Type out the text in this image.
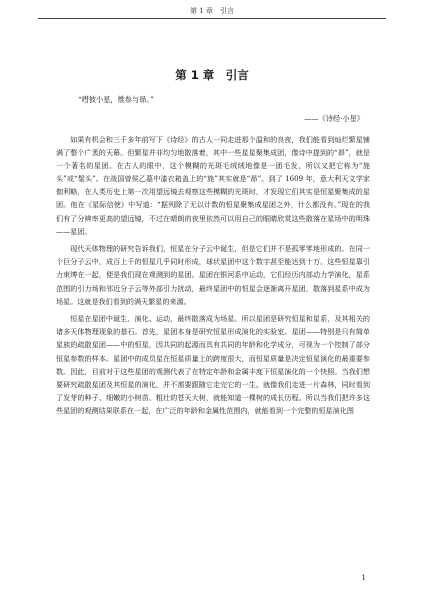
第 1 章　引言
第 1 章　引言
“嘒彼小星，维参与昴。”
——《诗经·小星》

如果有机会和三千多年前写下《诗经》的古人一同走进那个温和的良夜，我们能看到灿烂繁星铺满了整个广袤的天幕。但繁星并非均匀地散落着，其中一些星星聚集成团，像诗中提到的“昴”，就是一个著名的星团。在古人的眼中，这个模糊的光斑毛绒绒地像是一团毛发，所以又把它称为“旄头”或“髦头”。在战国曾侯乙墓中漆衣箱盖上的“旄”其实就是“昴”。到了 1609 年，意大利天文学家伽利略，在人类历史上第一次用望远镜去观察这些模糊的光斑时，才发现它们其实是恒星聚集成的星团。他在《星际信使》中写道：“据列除了无以计数的恒星聚集成星团之外，什么都没有。”现在的我们有了分辨率更高的望远镜，不过在晴朗的夜里依然可以用自己的眼睛欣赏这些散落在星场中的明珠——星团。

现代天体物理的研究告诉我们，恒星在分子云中诞生，但是它们并不是孤零零地形成的。在同一个巨分子云中，成百上千的恒星几乎同时形成，球状星团中这个数字甚至能达到十万。这些恒星靠引力束缚在一起，便是我们现在观测到的星团。星团在银河系中运动，它们经历内部动力学演化，星系范围的引力场和邻近分子云等外部引力扰动，最终星团中的恒星会逐渐离开星团，散落到星系中成为场星。这就是我们看到的满天繁星的来源。

恒星在星团中诞生、演化、运动，最终散落成为场星。所以星团是研究恒星和星系，及其相关的诸多天体物理现象的基石。首先，星团本身是研究恒星形成演化的实验室。星团——特别是只有简单星族的疏散星团——中的恒星，因共同的起源而具有共同的年龄和化学成分，可视为一个控制了部分恒星参数的样本。星团中的成员星在恒星质量上的跨度很大，而恒星质量是决定恒星演化的最重要参数。因此，目前对于这些星团的观测代表了在特定年龄和金属丰度下恒星演化的一个快照。当我们想要研究疏散星团及其恒星的演化，并不需要跟随它走完它的一生。就像我们走进一片森林，同时看到了发芽的种子、细嫩的小树苗、粗壮的苍天大树，就能知道一棵树的成长历程。所以当我们把许多这些星团的观测结果联系在一起，在广泛的年龄和金属性范围内，就能看到一个完整的恒星演化图

1
